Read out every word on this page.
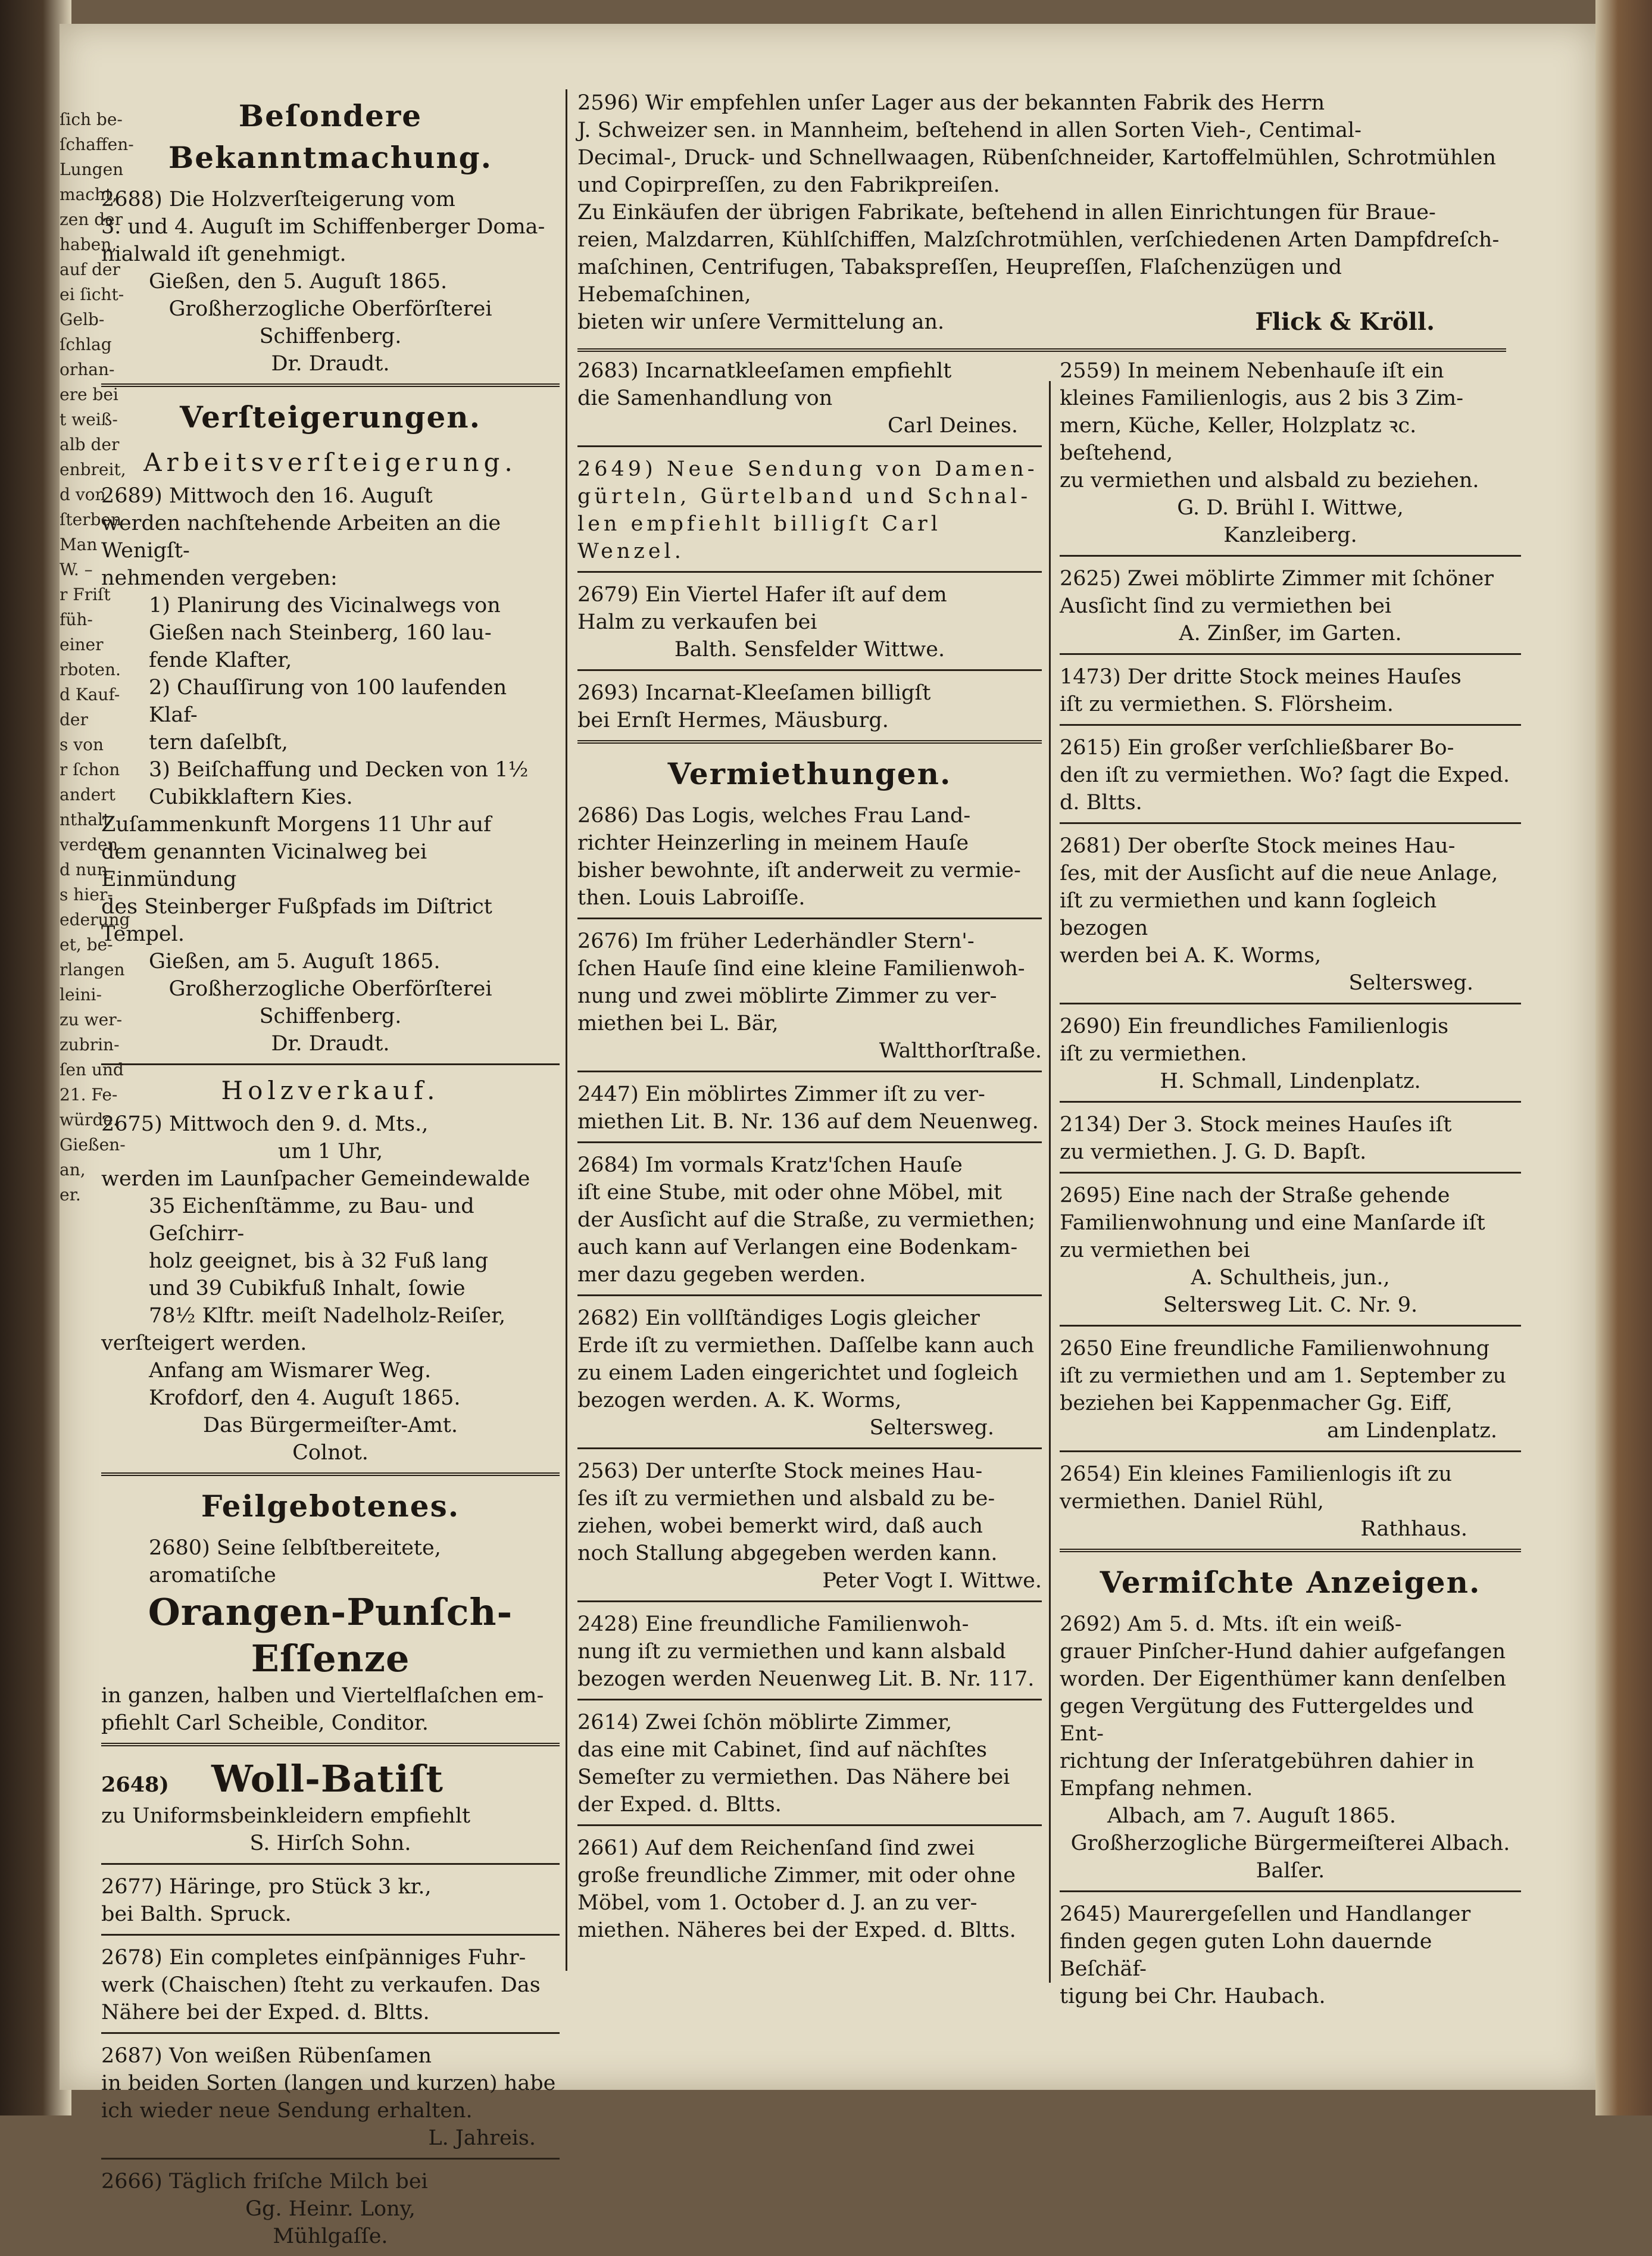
ſich be-
ſchaffen-
Lungen
macht,
zen der
haben,
auf der
ei ſicht-
Gelb-
ſchlag
orhan-
ere bei
t weiß-
alb der
enbreit,
d von
ſterben
Man
W. –
r Friſt
füh-
einer
rboten.
d Kauf-
der
s von
r ſchon
andert
nthalt
verden
d nun
s hier-
ederung
et, be-
rlangen
leini-
zu wer-
zubrin-
ſen und
21. Fe-
würde.
Gießen-
an,
er.
Beſondere Bekanntmachung.

2688) Die Holzverſteigerung vom

3. und 4. Auguſt im Schiffenberger Doma-

nialwald iſt genehmigt.

Gießen, den 5. Auguſt 1865.

Großherzogliche Oberförſterei Schiffenberg.

Dr. Draudt.

Verſteigerungen.
Arbeitsverſteigerung.

2689) Mittwoch den 16. Auguſt

werden nachſtehende Arbeiten an die Wenigſt-

nehmenden vergeben:

1) Planirung des Vicinalwegs von

Gießen nach Steinberg, 160 lau-

fende Klafter,

2) Chauſſirung von 100 laufenden Klaf-

tern daſelbſt,

3) Beiſchaffung und Decken von 1½

Cubikklaftern Kies.

Zuſammenkunft Morgens 11 Uhr auf

dem genannten Vicinalweg bei Einmündung

des Steinberger Fußpfads im Diſtrict Tempel.

Gießen, am 5. Auguſt 1865.

Großherzogliche Oberförſterei Schiffenberg.

Dr. Draudt.

Holzverkauf.

2675) Mittwoch den 9. d. Mts.,

um 1 Uhr,

werden im Launſpacher Gemeindewalde

35 Eichenſtämme, zu Bau- und Geſchirr-

holz geeignet, bis à 32 Fuß lang

und 39 Cubikfuß Inhalt, ſowie

78½ Klftr. meiſt Nadelholz-Reiſer,

verſteigert werden.

Anfang am Wismarer Weg.

Krofdorf, den 4. Auguſt 1865.

Das Bürgermeiſter-Amt.

Colnot.

Feilgebotenes.

2680) Seine ſelbſtbereitete, aromatiſche

Orangen-Punſch-Eſſenze

in ganzen, halben und Viertelflaſchen em-

pfiehlt Carl Scheible, Conditor.

2648) Woll-Batiſt

zu Uniformsbeinkleidern empfiehlt

S. Hirſch Sohn.

2677) Häringe, pro Stück 3 kr.,

bei Balth. Spruck.

2678) Ein completes einſpänniges Fuhr-

werk (Chaischen) ſteht zu verkaufen. Das

Nähere bei der Exped. d. Bltts.

2687) Von weißen Rübenſamen

in beiden Sorten (langen und kurzen) habe

ich wieder neue Sendung erhalten.

L. Jahreis.

2666) Täglich friſche Milch bei

Gg. Heinr. Lony,

Mühlgaſſe.

2596) Wir empfehlen unſer Lager aus der bekannten Fabrik des Herrn

J. Schweizer sen. in Mannheim, beſtehend in allen Sorten Vieh-, Centimal-

Decimal-, Druck- und Schnellwaagen, Rübenſchneider, Kartoffelmühlen, Schrotmühlen

und Copirpreſſen, zu den Fabrikpreiſen.

Zu Einkäufen der übrigen Fabrikate, beſtehend in allen Einrichtungen für Braue-

reien, Malzdarren, Kühlſchiffen, Malzſchrotmühlen, verſchiedenen Arten Dampfdreſch-

maſchinen, Centrifugen, Tabakspreſſen, Heupreſſen, Flaſchenzügen und Hebemaſchinen,

bieten wir unſere Vermittelung an.	Flick & Kröll.

2683) Incarnatkleeſamen empfiehlt

die Samenhandlung von

Carl Deines.

2649) Neue Sendung von Damen-

gürteln, Gürtelband und Schnal-

len empfiehlt billigſt Carl Wenzel.

2679) Ein Viertel Hafer iſt auf dem

Halm zu verkaufen bei

Balth. Sensfelder Wittwe.

2693) Incarnat-Kleeſamen billigſt

bei Ernſt Hermes, Mäusburg.

Vermiethungen.

2686) Das Logis, welches Frau Land-

richter Heinzerling in meinem Hauſe

bisher bewohnte, iſt anderweit zu vermie-

then. Louis Labroiſſe.

2676) Im früher Lederhändler Stern'-

ſchen Hauſe ſind eine kleine Familienwoh-

nung und zwei möblirte Zimmer zu ver-

miethen bei L. Bär,

Waltthorſtraße.

2447) Ein möblirtes Zimmer iſt zu ver-

miethen Lit. B. Nr. 136 auf dem Neuenweg.

2684) Im vormals Kratz'ſchen Hauſe

iſt eine Stube, mit oder ohne Möbel, mit

der Ausſicht auf die Straße, zu vermiethen;

auch kann auf Verlangen eine Bodenkam-

mer dazu gegeben werden.

2682) Ein vollſtändiges Logis gleicher

Erde iſt zu vermiethen. Daſſelbe kann auch

zu einem Laden eingerichtet und ſogleich

bezogen werden. A. K. Worms,

Seltersweg.

2563) Der unterſte Stock meines Hau-

ſes iſt zu vermiethen und alsbald zu be-

ziehen, wobei bemerkt wird, daß auch

noch Stallung abgegeben werden kann.

Peter Vogt I. Wittwe.

2428) Eine freundliche Familienwoh-

nung iſt zu vermiethen und kann alsbald

bezogen werden Neuenweg Lit. B. Nr. 117.

2614) Zwei ſchön möblirte Zimmer,

das eine mit Cabinet, ſind auf nächſtes

Semeſter zu vermiethen. Das Nähere bei

der Exped. d. Bltts.

2661) Auf dem Reichenſand ſind zwei

große freundliche Zimmer, mit oder ohne

Möbel, vom 1. October d. J. an zu ver-

miethen. Näheres bei der Exped. d. Bltts.

2559) In meinem Nebenhauſe iſt ein

kleines Familienlogis, aus 2 bis 3 Zim-

mern, Küche, Keller, Holzplatz ꝛc. beſtehend,

zu vermiethen und alsbald zu beziehen.

G. D. Brühl I. Wittwe,

Kanzleiberg.

2625) Zwei möblirte Zimmer mit ſchöner

Ausſicht ſind zu vermiethen bei

A. Zinßer, im Garten.

1473) Der dritte Stock meines Hauſes

iſt zu vermiethen. S. Flörsheim.

2615) Ein großer verſchließbarer Bo-

den iſt zu vermiethen. Wo? ſagt die Exped.

d. Bltts.

2681) Der oberſte Stock meines Hau-

ſes, mit der Ausſicht auf die neue Anlage,

iſt zu vermiethen und kann ſogleich bezogen

werden bei A. K. Worms,

Seltersweg.

2690) Ein freundliches Familienlogis

iſt zu vermiethen.

H. Schmall, Lindenplatz.

2134) Der 3. Stock meines Hauſes iſt

zu vermiethen. J. G. D. Bapſt.

2695) Eine nach der Straße gehende

Familienwohnung und eine Manſarde iſt

zu vermiethen bei

A. Schultheis, jun.,

Seltersweg Lit. C. Nr. 9.

2650 Eine freundliche Familienwohnung

iſt zu vermiethen und am 1. September zu

beziehen bei Kappenmacher Gg. Eiff,

am Lindenplatz.

2654) Ein kleines Familienlogis iſt zu

vermiethen. Daniel Rühl,

Rathhaus.

Vermiſchte Anzeigen.

2692) Am 5. d. Mts. iſt ein weiß-

grauer Pinſcher-Hund dahier aufgefangen

worden. Der Eigenthümer kann denſelben

gegen Vergütung des Futtergeldes und Ent-

richtung der Inſeratgebühren dahier in

Empfang nehmen.

Albach, am 7. Auguſt 1865.

Großherzogliche Bürgermeiſterei Albach.

Balſer.

2645) Maurergeſellen und Handlanger

finden gegen guten Lohn dauernde Beſchäf-

tigung bei Chr. Haubach.
